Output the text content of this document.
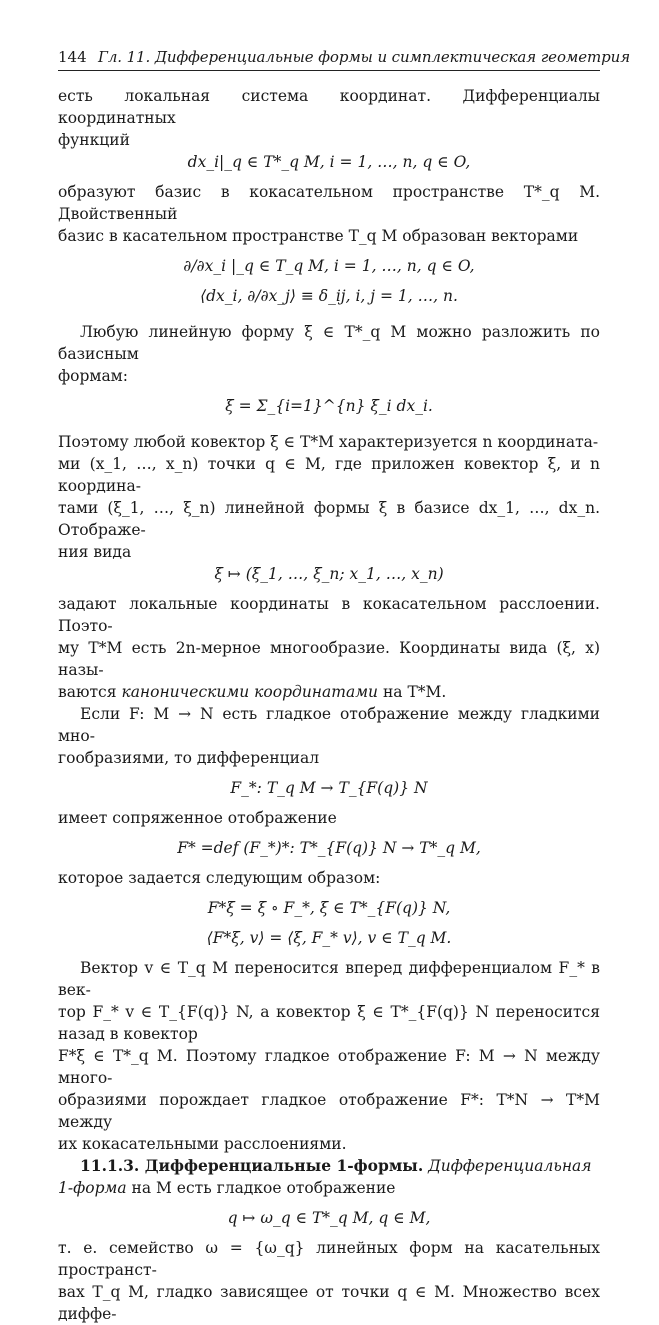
144 Гл. 11. Дифференциальные формы и симплектическая геометрия

есть локальная система координат. Дифференциалы координатных

функций

dx_i|_q ∈ T*_q M, i = 1, …, n, q ∈ O,

образуют базис в кокасательном пространстве T*_q M. Двойственный

базис в касательном пространстве T_q M образован векторами

∂/∂x_i |_q ∈ T_q M, i = 1, …, n, q ∈ O,

⟨dx_i, ∂/∂x_j⟩ ≡ δ_ij, i, j = 1, …, n.

Любую линейную форму ξ ∈ T*_q M можно разложить по базисным

формам:

ξ = Σ_{i=1}^{n} ξ_i dx_i.

Поэтому любой ковектор ξ ∈ T*M характеризуется n координата-

ми (x_1, …, x_n) точки q ∈ M, где приложен ковектор ξ, и n координа-

тами (ξ_1, …, ξ_n) линейной формы ξ в базисе dx_1, …, dx_n. Отображе-

ния вида

ξ ↦ (ξ_1, …, ξ_n; x_1, …, x_n)

задают локальные координаты в кокасательном расслоении. Поэто-

му T*M есть 2n-мерное многообразие. Координаты вида (ξ, x) назы-

ваются каноническими координатами на T*M.

Если F: M → N есть гладкое отображение между гладкими мно-

гообразиями, то дифференциал

F_*: T_q M → T_{F(q)} N

имеет сопряженное отображение

F* =def (F_*)*: T*_{F(q)} N → T*_q M,

которое задается следующим образом:

F*ξ = ξ ∘ F_*, ξ ∈ T*_{F(q)} N,

⟨F*ξ, v⟩ = ⟨ξ, F_* v⟩, v ∈ T_q M.

Вектор v ∈ T_q M переносится вперед дифференциалом F_* в век-

тор F_* v ∈ T_{F(q)} N, а ковектор ξ ∈ T*_{F(q)} N переносится назад в ковектор

F*ξ ∈ T*_q M. Поэтому гладкое отображение F: M → N между много-

образиями порождает гладкое отображение F*: T*N → T*M между

их кокасательными расслоениями.

11.1.3. Дифференциальные 1-формы. Дифференциальная

1-форма на M есть гладкое отображение

q ↦ ω_q ∈ T*_q M, q ∈ M,

т. е. семейство ω = {ω_q} линейных форм на касательных пространст-

вах T_q M, гладко зависящее от точки q ∈ M. Множество всех диффе-
